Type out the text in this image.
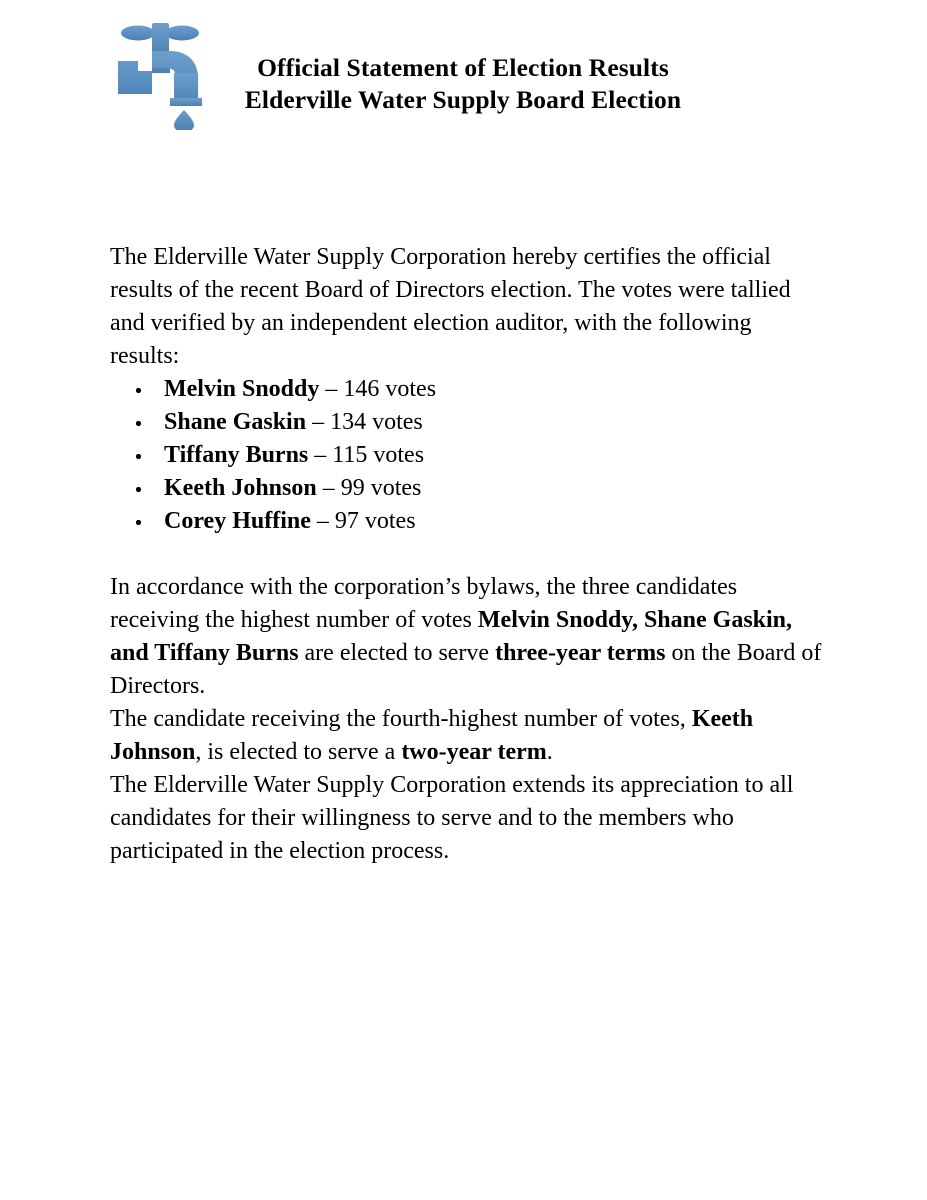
Official Statement of Election Results
Elderville Water Supply Board Election

The Elderville Water Supply Corporation hereby certifies the official results of the recent Board of Directors election. The votes were tallied and verified by an independent election auditor, with the following results:

Melvin Snoddy – 146 votes
Shane Gaskin – 134 votes
Tiffany Burns – 115 votes
Keeth Johnson – 99 votes
Corey Huffine – 97 votes

In accordance with the corporation’s bylaws, the three candidates receiving the highest number of votes Melvin Snoddy, Shane Gaskin, and Tiffany Burns are elected to serve three-year terms on the Board of Directors.

The candidate receiving the fourth-highest number of votes, Keeth Johnson, is elected to serve a two-year term.

The Elderville Water Supply Corporation extends its appreciation to all candidates for their willingness to serve and to the members who participated in the election process.
